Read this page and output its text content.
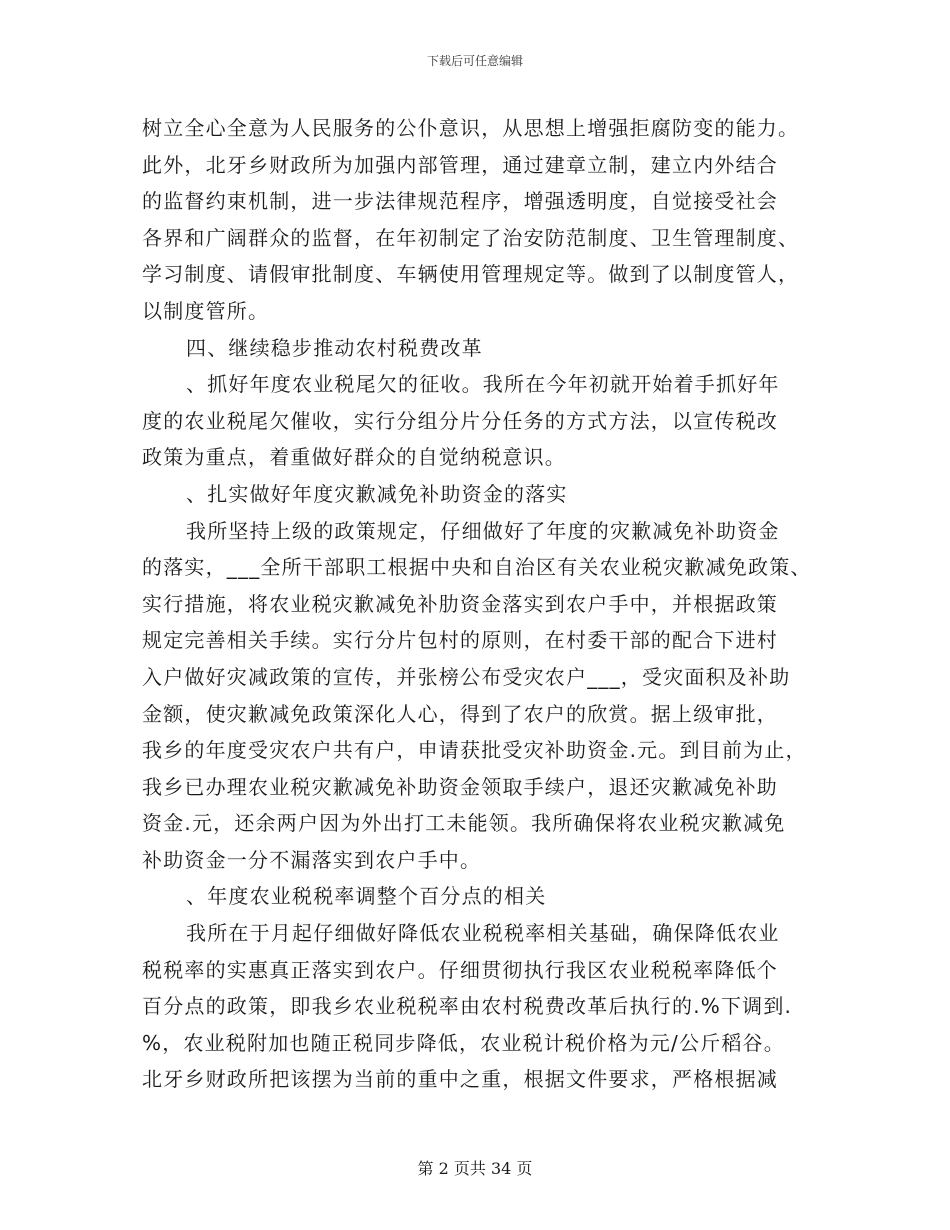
下载后可任意编辑
树立全心全意为人民服务的公仆意识，从思想上增强拒腐防变的能力。
此外，北牙乡财政所为加强内部管理，通过建章立制，建立内外结合
的监督约束机制，进一步法律规范程序，增强透明度，自觉接受社会
各界和广阔群众的监督，在年初制定了治安防范制度、卫生管理制度、
学习制度、请假审批制度、车辆使用管理规定等。做到了以制度管人，
以制度管所。
四、继续稳步推动农村税费改革
、抓好年度农业税尾欠的征收。我所在今年初就开始着手抓好年
度的农业税尾欠催收，实行分组分片分任务的方式方法，以宣传税改
政策为重点，着重做好群众的自觉纳税意识。
、扎实做好年度灾歉减免补助资金的落实
我所坚持上级的政策规定，仔细做好了年度的灾歉减免补助资金
的落实，___全所干部职工根据中央和自治区有关农业税灾歉减免政策、
实行措施，将农业税灾歉减免补肋资金落实到农户手中，并根据政策
规定完善相关手续。实行分片包村的原则，在村委干部的配合下进村
入户做好灾减政策的宣传，并张榜公布受灾农户___，受灾面积及补助
金额，使灾歉减免政策深化人心，得到了农户的欣赏。据上级审批，
我乡的年度受灾农户共有户，申请获批受灾补助资金.元。到目前为止，
我乡已办理农业税灾歉减免补助资金领取手续户，退还灾歉减免补助
资金.元，还余两户因为外出打工未能领。我所确保将农业税灾歉减免
补助资金一分不漏落实到农户手中。
、年度农业税税率调整个百分点的相关
我所在于月起仔细做好降低农业税税率相关基础，确保降低农业
税税率的实惠真正落实到农户。仔细贯彻执行我区农业税税率降低个
百分点的政策，即我乡农业税税率由农村税费改革后执行的.%下调到.
%，农业税附加也随正税同步降低，农业税计税价格为元/公斤稻谷。
北牙乡财政所把该摆为当前的重中之重，根据文件要求，严格根据减
第 2 页共 34 页
